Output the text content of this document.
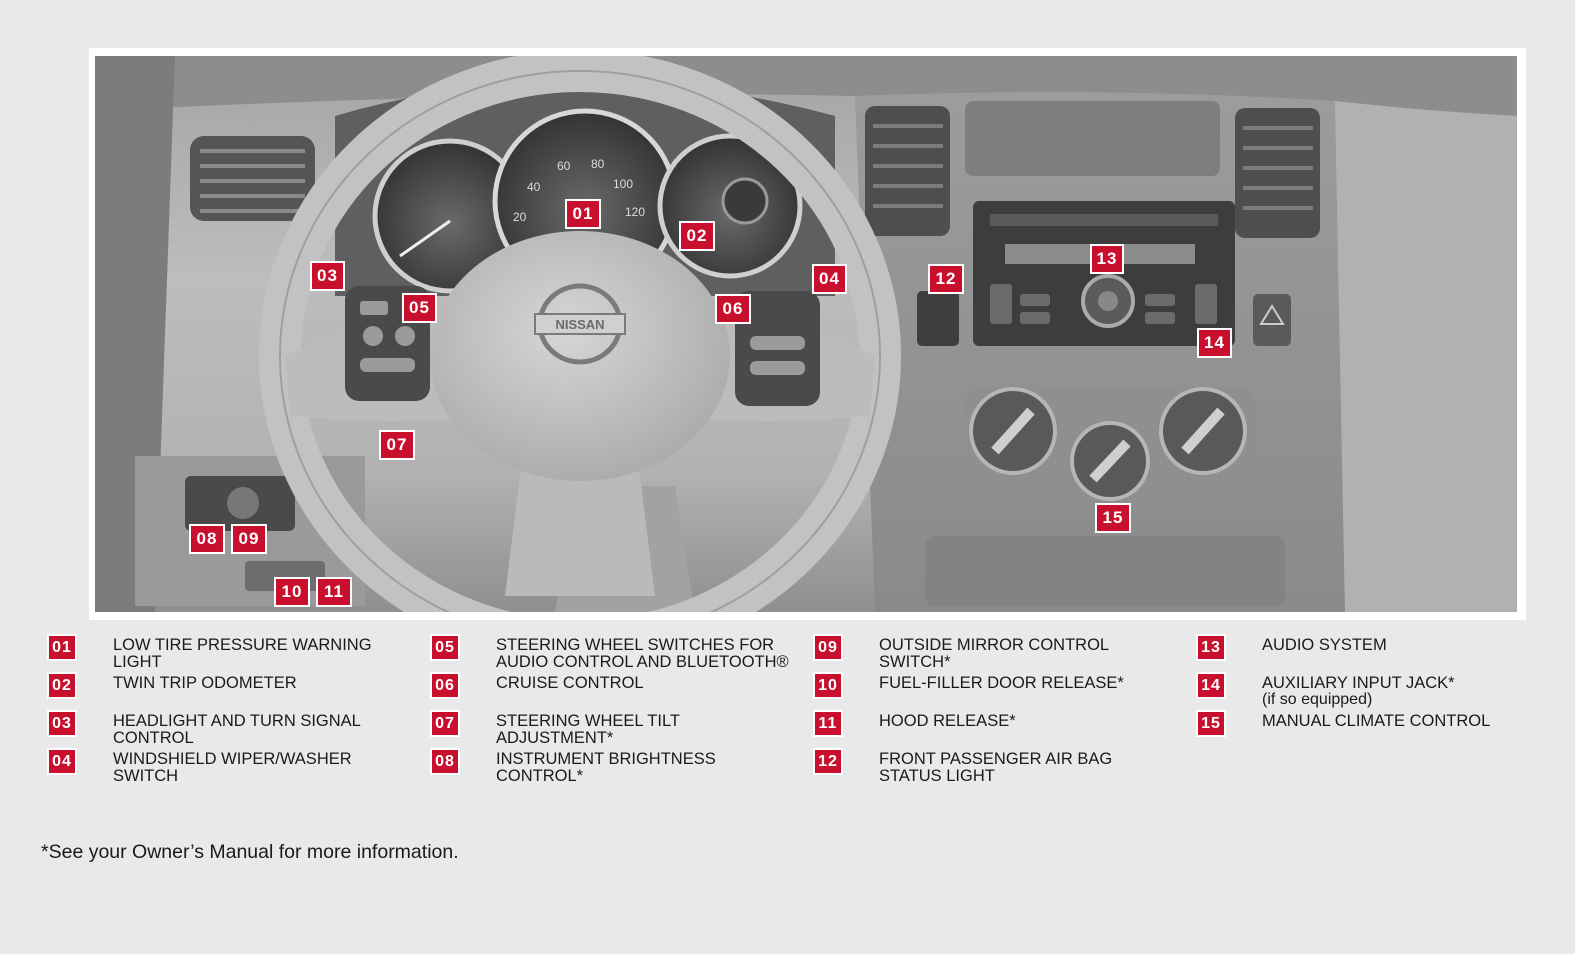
20
40
60 80
100
120
NISSAN
01
02
03	04
05	06
07
08	09
10	11
12
13
14
15
01	LOW TIRE PRESSURE WARNING LIGHT
02	TWIN TRIP ODOMETER
03	HEADLIGHT AND TURN SIGNAL CONTROL
04	WINDSHIELD WIPER/WASHER SWITCH
05	STEERING WHEEL SWITCHES FOR AUDIO CONTROL AND BLUETOOTH®
06	CRUISE CONTROL
07	STEERING WHEEL TILT ADJUSTMENT*
08	INSTRUMENT BRIGHTNESS CONTROL*
09	OUTSIDE MIRROR CONTROL SWITCH*
10	FUEL-FILLER DOOR RELEASE*
11	HOOD RELEASE*
12	FRONT PASSENGER AIR BAG STATUS LIGHT
13	AUDIO SYSTEM
14	AUXILIARY INPUT JACK*
(if so equipped)
15	MANUAL CLIMATE CONTROL
*See your Owner’s Manual for more information.
